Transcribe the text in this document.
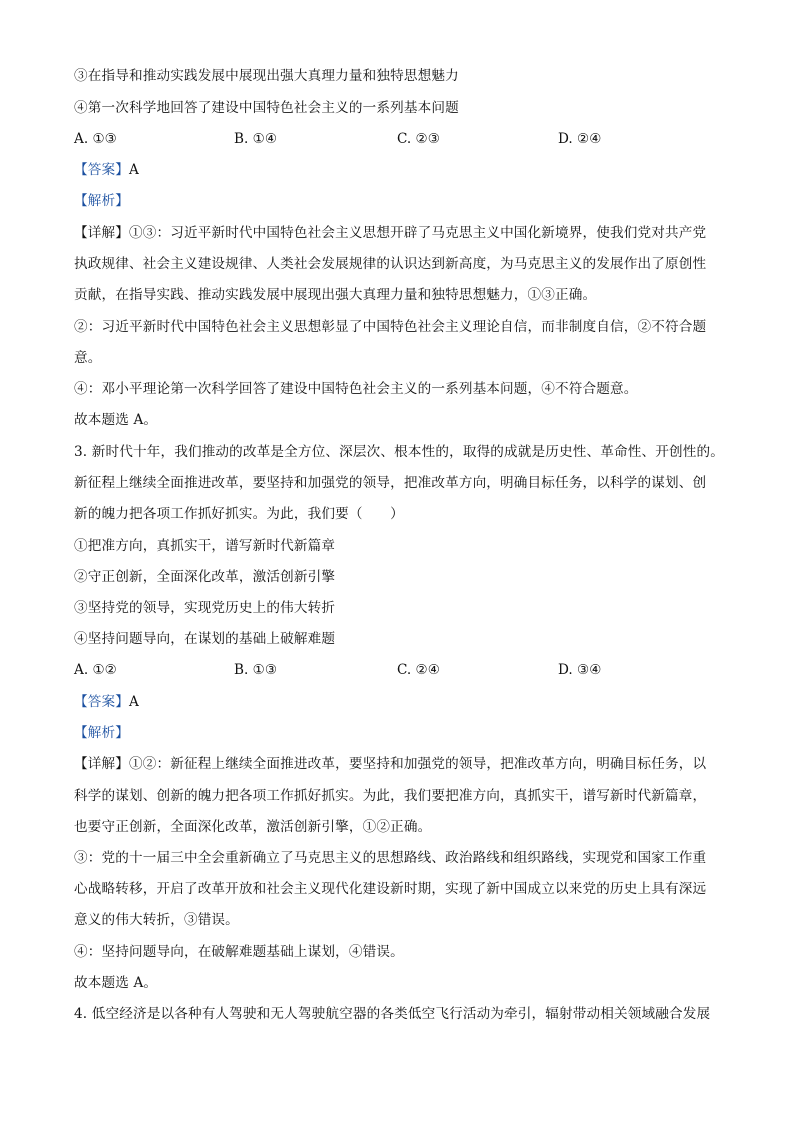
③在指导和推动实践发展中展现出强大真理力量和独特思想魅力
④第一次科学地回答了建设中国特色社会主义的一系列基本问题
A. ①③	B. ①④	C. ②③	D. ②④
【答案】A
【解析】
【详解】①③：习近平新时代中国特色社会主义思想开辟了马克思主义中国化新境界，使我们党对共产党
执政规律、社会主义建设规律、人类社会发展规律的认识达到新高度，为马克思主义的发展作出了原创性
贡献，在指导实践、推动实践发展中展现出强大真理力量和独特思想魅力，①③正确。
②：习近平新时代中国特色社会主义思想彰显了中国特色社会主义理论自信，而非制度自信，②不符合题
意。
④：邓小平理论第一次科学回答了建设中国特色社会主义的一系列基本问题，④不符合题意。
故本题选 A。
3. 新时代十年，我们推动的改革是全方位、深层次、根本性的，取得的成就是历史性、革命性、开创性的。
新征程上继续全面推进改革，要坚持和加强党的领导，把准改革方向，明确目标任务，以科学的谋划、创
新的魄力把各项工作抓好抓实。为此，我们要（　　）
①把准方向，真抓实干，谱写新时代新篇章
②守正创新，全面深化改革，激活创新引擎
③坚持党的领导，实现党历史上的伟大转折
④坚持问题导向，在谋划的基础上破解难题
A. ①②	B. ①③	C. ②④	D. ③④
【答案】A
【解析】
【详解】①②：新征程上继续全面推进改革，要坚持和加强党的领导，把准改革方向，明确目标任务，以
科学的谋划、创新的魄力把各项工作抓好抓实。为此，我们要把准方向，真抓实干，谱写新时代新篇章，
也要守正创新，全面深化改革，激活创新引擎，①②正确。
③：党的十一届三中全会重新确立了马克思主义的思想路线、政治路线和组织路线，实现党和国家工作重
心战略转移，开启了改革开放和社会主义现代化建设新时期，实现了新中国成立以来党的历史上具有深远
意义的伟大转折，③错误。
④：坚持问题导向，在破解难题基础上谋划，④错误。
故本题选 A。
4. 低空经济是以各种有人驾驶和无人驾驶航空器的各类低空飞行活动为牵引，辐射带动相关领域融合发展
